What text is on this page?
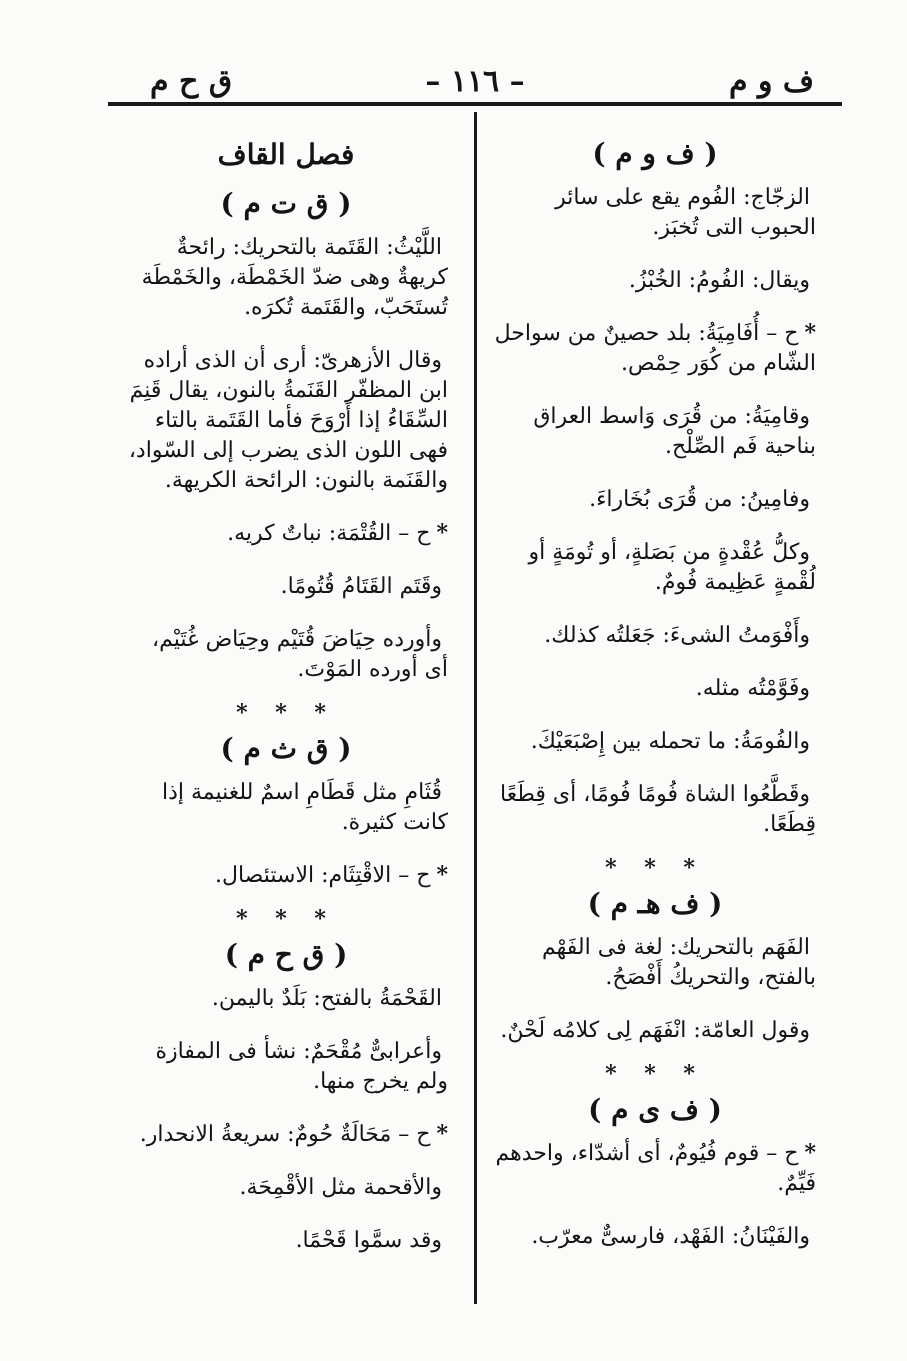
ف و م
– ١١٦ –
ق ح م
( ف و م )
الزجّاج: الفُوم يقع على سائر الحبوب التى تُخبَز.
ويقال: الفُومُ: الخُبْزُ.
*ح – أُفَامِيَةُ: بلد حصينٌ من سواحل الشّام من كُوَر حِمْص.
وقامِيَةُ: من قُرَى وَاسط العراق بناحية فَم الصِّلْح.
وفامِينُ: من قُرَى بُخَاراءَ.
وكلُّ عُقْدةٍ من بَصَلةٍ، أو تُومَةٍ أو لُقْمةٍ عَظِيمة فُومٌ.
وأَفْوَمتُ الشىءَ: جَعَلتُه كذلك.
وفَوَّمْتُه مثله.
والفُومَةُ: ما تحمله بين إِصْبَعَيْكَ.
وقَطَّعُوا الشاة فُومًا فُومًا، أى قِطَعًا قِطَعًا.
* * *
( ف هـ م )
الفَهَم بالتحريك: لغة فى الفَهْم بالفتح، والتحريكُ أَفْصَحُ.
وقول العامّة: انْفَهَم لِى كلامُه لَحْنٌ.
* * *
( ف ى م )
*ح – قوم فُيُومٌ، أى أشدّاء، واحدهم فَيِّمٌ.
والفَيْنَانُ: الفَهْد، فارسىٌّ معرّب.
فصل القاف
( ق ت م )
اللَّيْثُ: القَتَمة بالتحريك: رائحةٌ كريهةٌ وهى ضدّ الخَمْطَة، والخَمْطَة تُستَحَبّ، والقَتَمة تُكرَه.
وقال الأزهرىّ: أرى أن الذى أراده ابن المظفّر القَنَمةُ بالنون، يقال قَنِمَ السِّقَاءُ إذا أَرْوَحَ فأما القَتَمة بالتاء فهى اللون الذى يضرب إلى السّواد، والقَنَمة بالنون: الرائحة الكريهة.
*ح – القُتْمَة: نباتٌ كريه.
وقَتَم القَتَامُ قُتُومًا.
وأورده حِيَاضَ قُتَيْم وحِيَاض غُتَيْم، أى أورده المَوْتَ.
* * *
( ق ث م )
قُثَامِ مثل قَطَامِ اسمٌ للغنيمة إذا كانت كثيرة.
*ح – الاقْتِثَام: الاستئصال.
* * *
( ق ح م )
القَحْمَةُ بالفتح: بَلَدٌ باليمن.
وأعرابىٌّ مُقْحَمٌ: نشأ فى المفازة ولم يخرج منها.
*ح – مَحَالَةٌ حُومٌ: سريعةُ الانحدار.
والأقحمة مثل الأقْمِحَة.
وقد سمَّوا قَحْمًا.
